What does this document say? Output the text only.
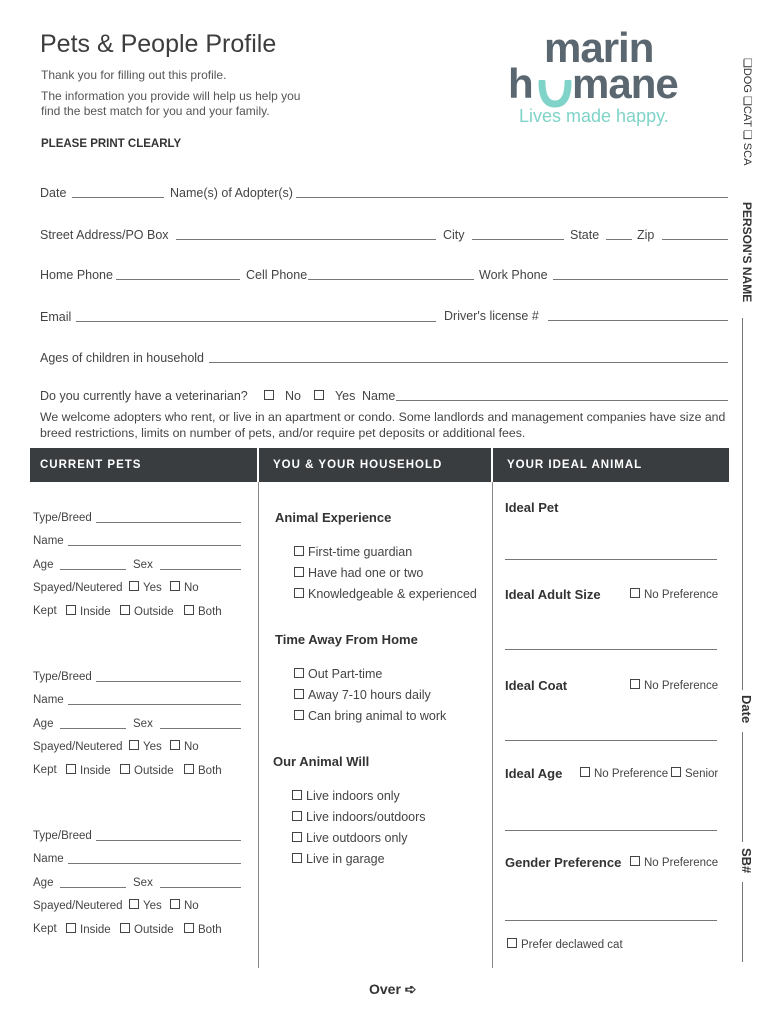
Pets & People Profile
Thank you for filling out this profile.
The information you provide will help us help you
find the best match for you and your family.
PLEASE PRINT CLEARLY
marin
h mane
Lives made happy.	❏DOG ❏CAT ❏ SCA
PERSON'S NAME
Date
SB#
Date	Name(s) of Adopter(s)
Street Address/PO Box	City	State	Zip
Home Phone	Cell Phone	Work Phone
Email	Driver's license #
Ages of children in household
Do you currently have a veterinarian?	No	Yes Name
We welcome adopters who rent, or live in an apartment or condo. Some landlords and management companies have size and breed restrictions, limits on number of pets, and/or require pet deposits or additional fees.
CURRENT PETS	YOU & YOUR HOUSEHOLD	YOUR IDEAL ANIMAL
Type/Breed
Name
Age	Sex
Spayed/Neutered	Yes	No
Kept	Inside	Outside	Both
Type/Breed
Name
Age	Sex
Spayed/Neutered	Yes	No
Kept	Inside	Outside	Both
Type/Breed
Name
Age	Sex
Spayed/Neutered	Yes	No
Kept	Inside	Outside	Both
Animal Experience
First-time guardian
Have had one or two
Knowledgeable & experienced
Time Away From Home
Out Part-time
Away 7-10 hours daily
Can bring animal to work
Our Animal Will
Live indoors only
Live indoors/outdoors
Live outdoors only
Live in garage
Ideal Pet
Ideal Adult Size	No Preference
Ideal Coat	No Preference
Ideal Age	No Preference	Senior
Gender Preference	No Preference
Prefer declawed cat
Over ➪
